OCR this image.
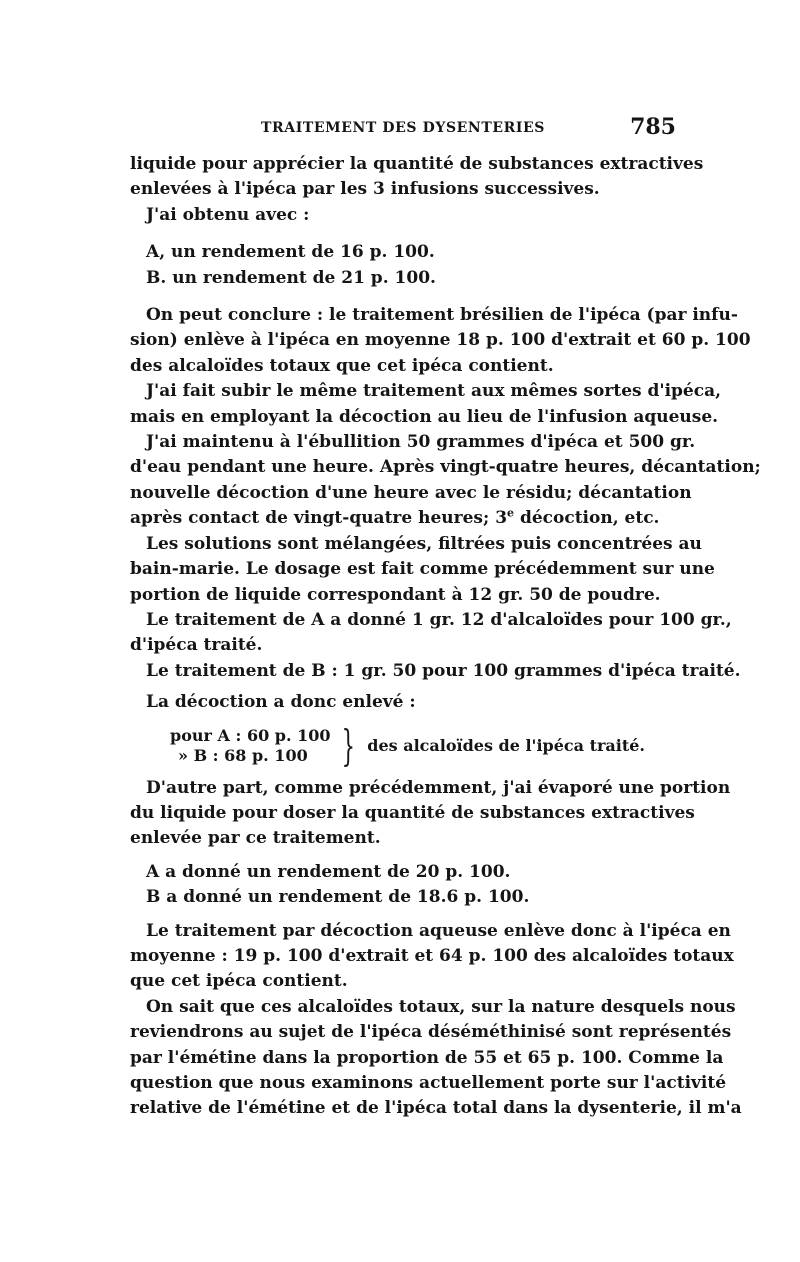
TRAITEMENT DES DYSENTERIES	785
liquide pour apprécier la quantité de substances extractives
enlevées à l'ipéca par les 3 infusions successives.
J'ai obtenu avec :
A, un rendement de 16 p. 100.
B. un rendement de 21 p. 100.
On peut conclure : le traitement brésilien de l'ipéca (par infu-
sion) enlève à l'ipéca en moyenne 18 p. 100 d'extrait et 60 p. 100
des alcaloïdes totaux que cet ipéca contient.
J'ai fait subir le même traitement aux mêmes sortes d'ipéca,
mais en employant la décoction au lieu de l'infusion aqueuse.
J'ai maintenu à l'ébullition 50 grammes d'ipéca et 500 gr.
d'eau pendant une heure. Après vingt-quatre heures, décantation;
nouvelle décoction d'une heure avec le résidu; décantation
après contact de vingt-quatre heures; 3e décoction, etc.
Les solutions sont mélangées, filtrées puis concentrées au
bain-marie. Le dosage est fait comme précédemment sur une
portion de liquide correspondant à 12 gr. 50 de poudre.
Le traitement de A a donné 1 gr. 12 d'alcaloïdes pour 100 gr.,
d'ipéca traité.
Le traitement de B : 1 gr. 50 pour 100 grammes d'ipéca traité.
La décoction a donc enlevé :
pour A : 60 p. 100
» B : 68 p. 100 } des alcaloïdes de l'ipéca traité.
D'autre part, comme précédemment, j'ai évaporé une portion
du liquide pour doser la quantité de substances extractives
enlevée par ce traitement.
A a donné un rendement de 20 p. 100.
B a donné un rendement de 18.6 p. 100.
Le traitement par décoction aqueuse enlève donc à l'ipéca en
moyenne : 19 p. 100 d'extrait et 64 p. 100 des alcaloïdes totaux
que cet ipéca contient.
On sait que ces alcaloïdes totaux, sur la nature desquels nous
reviendrons au sujet de l'ipéca déséméthinisé sont représentés
par l'émétine dans la proportion de 55 et 65 p. 100. Comme la
question que nous examinons actuellement porte sur l'activité
relative de l'émétine et de l'ipéca total dans la dysenterie, il m'a
